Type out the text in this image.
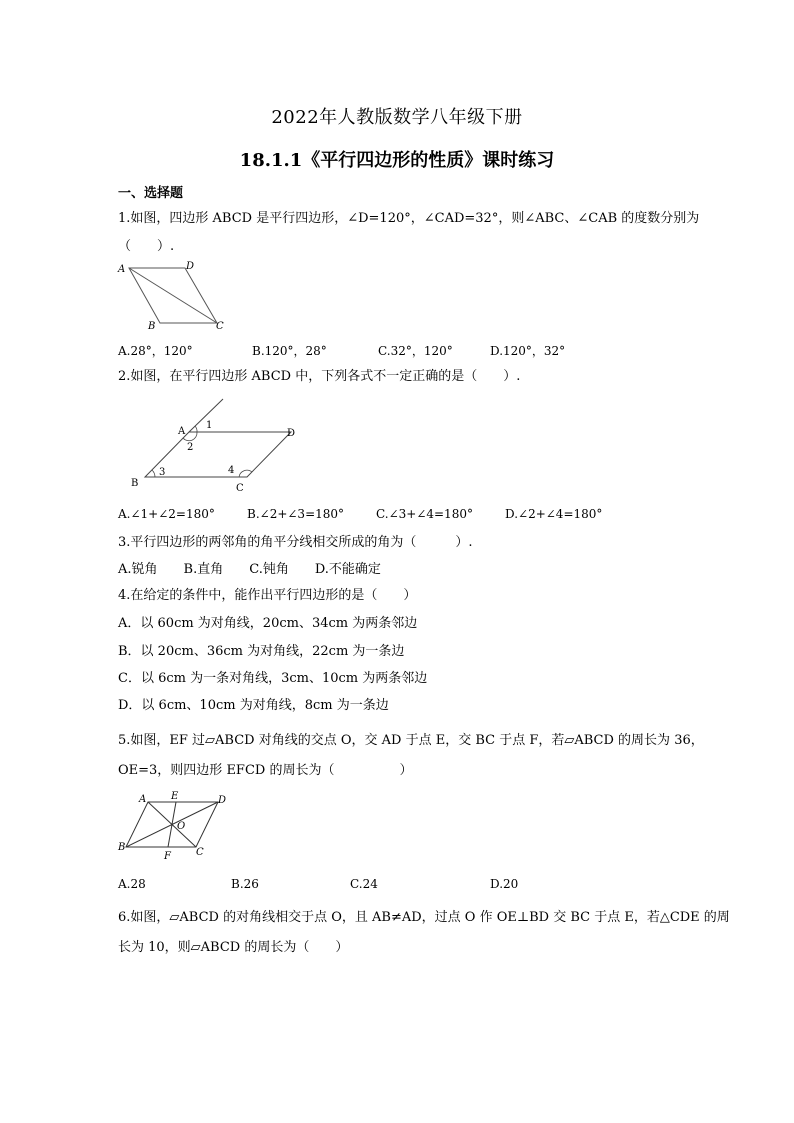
2022年人教版数学八年级下册
18.1.1《平行四边形的性质》课时练习
一、选择题
1.如图，四边形 ABCD 是平行四边形，∠D=120°，∠CAD=32°，则∠ABC、∠CAB 的度数分别为
（　　）.
A	D
B	C
A.28°，120°	B.120°，28°	C.32°，120°	D.120°，32°
2.如图，在平行四边形 ABCD 中，下列各式不一定正确的是（　　）.
A	D
B	C
1
2
3	4
A.∠1+∠2=180°	B.∠2+∠3=180°	C.∠3+∠4=180°	D.∠2+∠4=180°
3.平行四边形的两邻角的角平分线相交所成的角为（　　　）.
A.锐角　　B.直角　　C.钝角　　D.不能确定
4.在给定的条件中，能作出平行四边形的是（　　）
A．以 60cm 为对角线，20cm、34cm 为两条邻边
B．以 20cm、36cm 为对角线，22cm 为一条边
C．以 6cm 为一条对角线，3cm、10cm 为两条邻边
D．以 6cm、10cm 为对角线，8cm 为一条边
5.如图，EF 过▱ABCD 对角线的交点 O，交 AD 于点 E，交 BC 于点 F，若▱ABCD 的周长为 36，
OE=3，则四边形 EFCD 的周长为（　　　　　）
A E	D
O
B
F	C
A.28	B.26	C.24	D.20
6.如图，▱ABCD 的对角线相交于点 O，且 AB≠AD，过点 O 作 OE⊥BD 交 BC 于点 E，若△CDE 的周
长为 10，则▱ABCD 的周长为（　　）
